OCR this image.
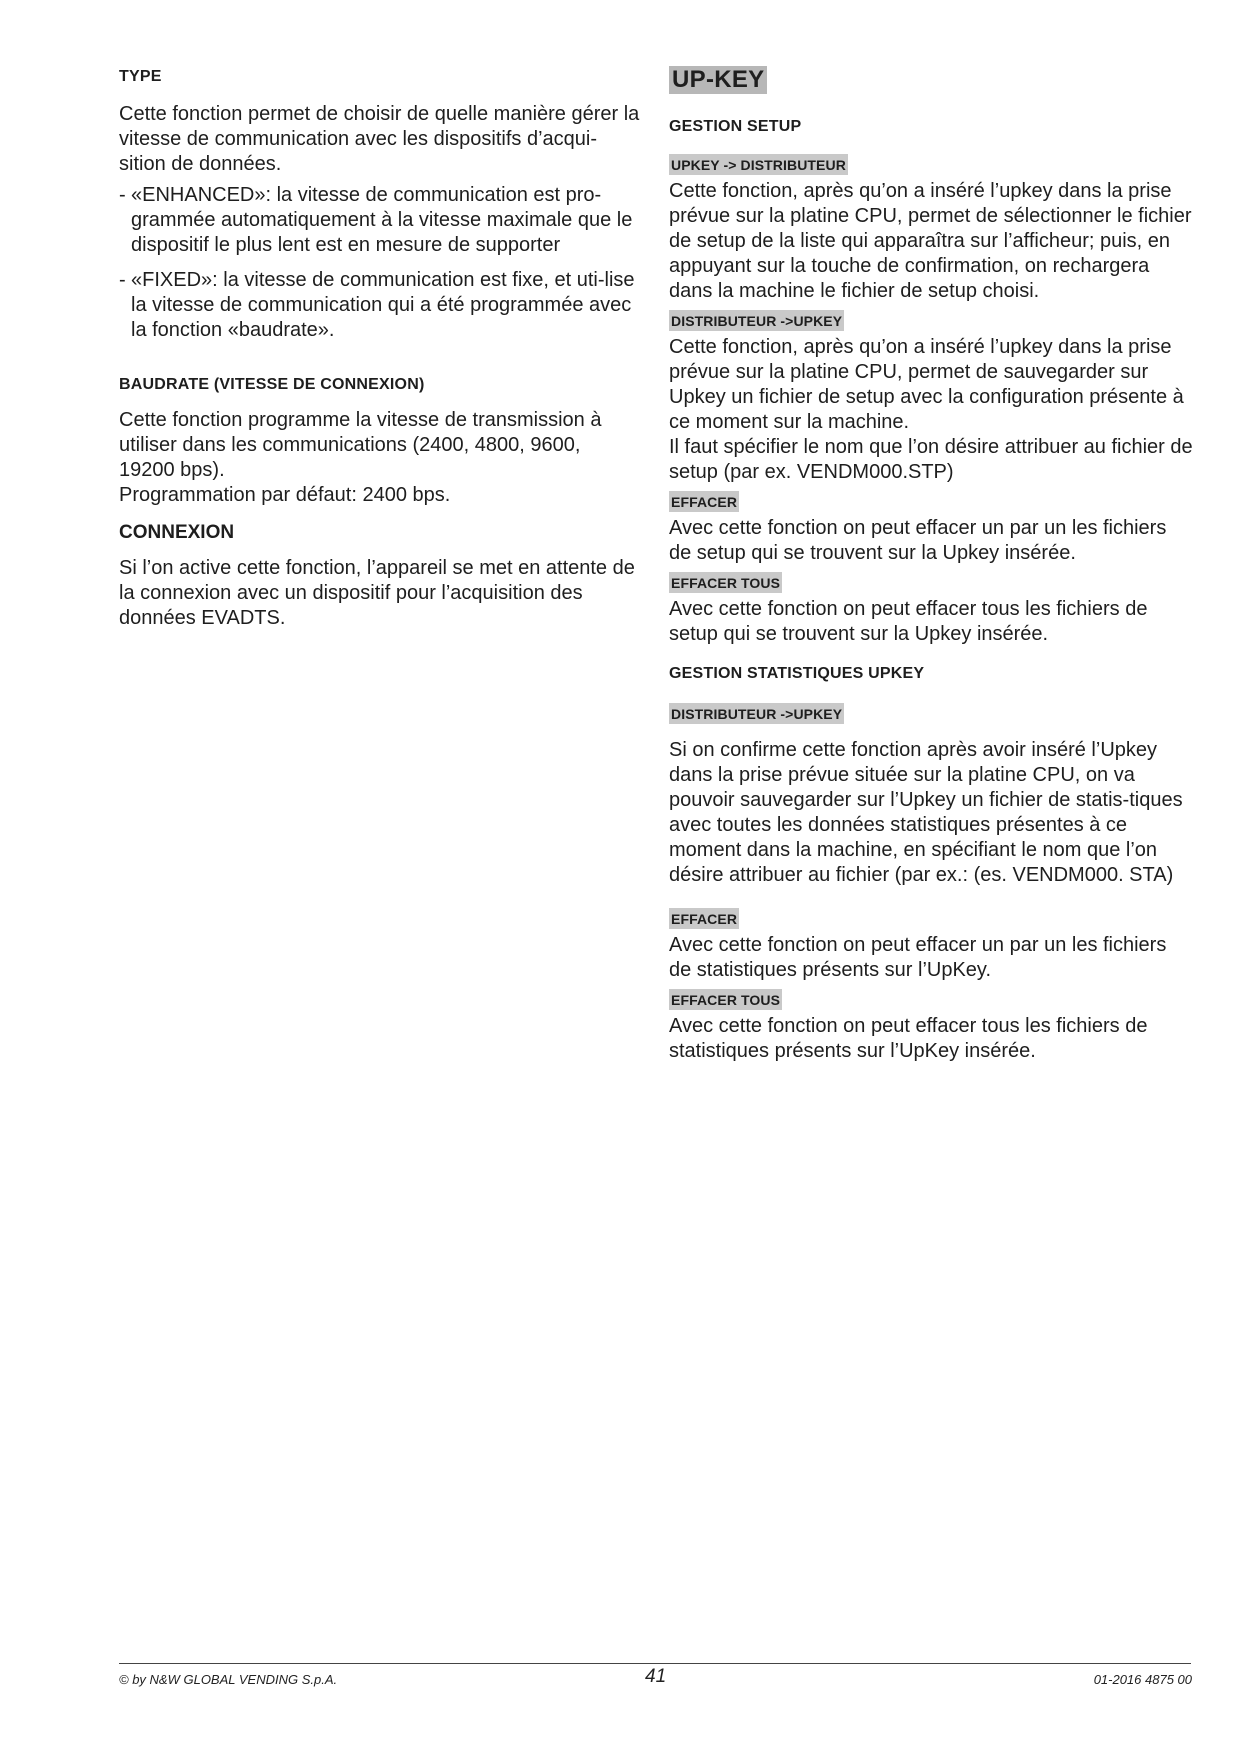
TYPE

Cette fonction permet de choisir de quelle manière gérer la vitesse de communication avec les dispositifs d’acqui-sition de données.

- «ENHANCED»: la vitesse de communication est pro-grammée automatiquement à la vitesse maximale que le dispositif le plus lent est en mesure de supporter
- «FIXED»: la vitesse de communication est fixe, et uti-lise la vitesse de communication qui a été programmée avec la fonction «baudrate».
BAUDRATE (VITESSE DE CONNEXION)

Cette fonction programme la vitesse de transmission à utiliser dans les communications (2400, 4800, 9600, 19200 bps).

Programmation par défaut: 2400 bps.

CONNEXION

Si l’on active cette fonction, l’appareil se met en attente de la connexion avec un dispositif pour l’acquisition des données EVADTS.

UP-KEY
GESTION SETUP
UPKEY -> DISTRIBUTEUR

Cette fonction, après qu’on a inséré l’upkey dans la prise prévue sur la platine CPU, permet de sélectionner le fichier de setup de la liste qui apparaîtra sur l’afficheur; puis, en appuyant sur la touche de confirmation, on rechargera dans la machine le fichier de setup choisi.

DISTRIBUTEUR ->UPKEY

Cette fonction, après qu’on a inséré l’upkey dans la prise prévue sur la platine CPU, permet de sauvegarder sur Upkey un fichier de setup avec la configuration présente à ce moment sur la machine.

Il faut spécifier le nom que l’on désire attribuer au fichier de setup (par ex. VENDM000.STP)

EFFACER

Avec cette fonction on peut effacer un par un les fichiers de setup qui se trouvent sur la Upkey insérée.

EFFACER TOUS

Avec cette fonction on peut effacer tous les fichiers de setup qui se trouvent sur la Upkey insérée.

GESTION STATISTIQUES UPKEY
DISTRIBUTEUR ->UPKEY

Si on confirme cette fonction après avoir inséré l’Upkey dans la prise prévue située sur la platine CPU, on va pouvoir sauvegarder sur l’Upkey un fichier de statis-tiques avec toutes les données statistiques présentes à ce moment dans la machine, en spécifiant le nom que l’on désire attribuer au fichier (par ex.: (es. VENDM000. STA)

EFFACER

Avec cette fonction on peut effacer un par un les fichiers de statistiques présents sur l’UpKey.

EFFACER TOUS

Avec cette fonction on peut effacer tous les fichiers de statistiques présents sur l’UpKey insérée.

© by N&W GLOBAL VENDING S.p.A.	41	01-2016 4875 00
